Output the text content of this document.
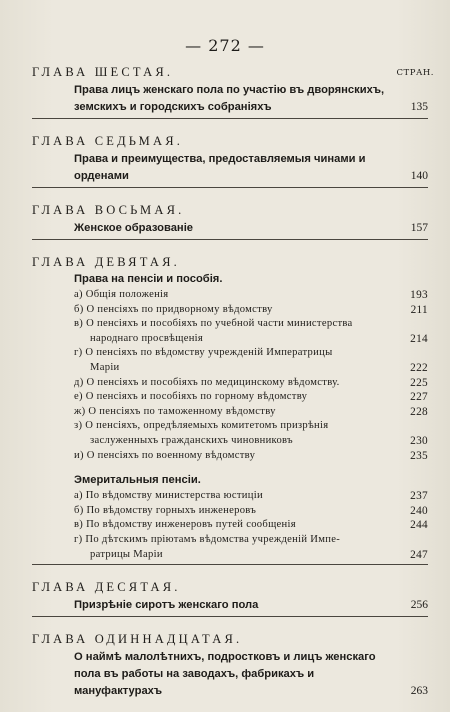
— 272 —
СТРАН.
ГЛАВА ШЕСТАЯ.
Права лицъ женскаго пола по участію въ дворянскихъ,
земскихъ и городскихъ собраніяхъ	135
ГЛАВА СЕДЬМАЯ.
Права и преимущества, предоставляемыя чинами и
орденами	140
ГЛАВА ВОСЬМАЯ.
Женское образованіе	157
ГЛАВА ДЕВЯТАЯ.
Права на пенсіи и пособія.
а) Общія положенія	193
б) О пенсіяхъ по придворному вѣдомству	211
в) О пенсіяхъ и пособіяхъ по учебной части министерства
народнаго просвѣщенія	214
г) О пенсіяхъ по вѣдомству учрежденій Императрицы
Маріи	222
д) О пенсіяхъ и пособіяхъ по медицинскому вѣдомству.	225
е) О пенсіяхъ и пособіяхъ по горному вѣдомству	227
ж) О пенсіяхъ по таможенному вѣдомству	228
з) О пенсіяхъ, опредѣляемыхъ комитетомъ призрѣнія
заслуженныхъ гражданскихъ чиновниковъ	230
и) О пенсіяхъ по военному вѣдомству	235
Эмеритальныя пенсіи.
а) По вѣдомству министерства юстиціи	237
б) По вѣдомству горныхъ инженеровъ	240
в) По вѣдомству инженеровъ путей сообщенія	244
г) По дѣтскимъ пріютамъ вѣдомства учрежденій Импе-
ратрицы Маріи	247
ГЛАВА ДЕСЯТАЯ.
Призрѣніе сиротъ женскаго пола	256
ГЛАВА ОДИННАДЦАТАЯ.
О наймѣ малолѣтнихъ, подростковъ и лицъ женскаго
пола въ работы на заводахъ, фабрикахъ и
мануфактурахъ	263
